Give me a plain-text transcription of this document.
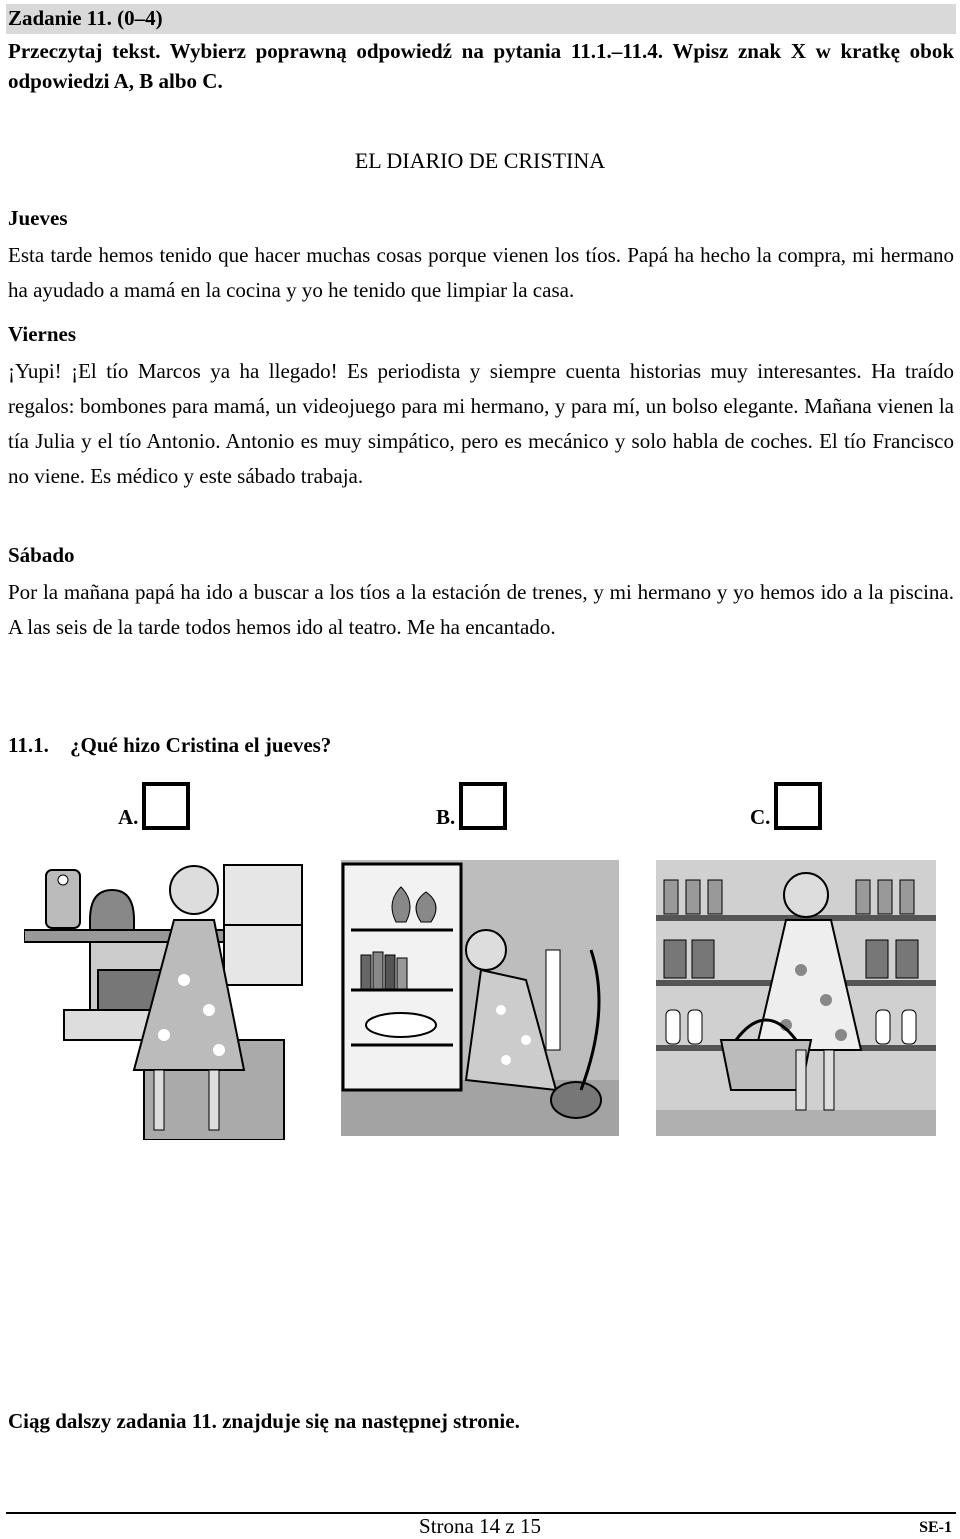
Zadanie 11. (0–4)
Przeczytaj tekst. Wybierz poprawną odpowiedź na pytania 11.1.–11.4. Wpisz znak X w kratkę obok odpowiedzi A, B albo C.
EL DIARIO DE CRISTINA
Jueves
Esta tarde hemos tenido que hacer muchas cosas porque vienen los tíos. Papá ha hecho la compra, mi hermano ha ayudado a mamá en la cocina y yo he tenido que limpiar la casa.
Viernes
¡Yupi! ¡El tío Marcos ya ha llegado! Es periodista y siempre cuenta historias muy interesantes. Ha traído regalos: bombones para mamá, un videojuego para mi hermano, y para mí, un bolso elegante. Mañana vienen la tía Julia y el tío Antonio. Antonio es muy simpático, pero es mecánico y solo habla de coches. El tío Francisco no viene. Es médico y este sábado trabaja.
Sábado
Por la mañana papá ha ido a buscar a los tíos a la estación de trenes, y mi hermano y yo hemos ido a la piscina. A las seis de la tarde todos hemos ido al teatro. Me ha encantado.
11.1. ¿Qué hizo Cristina el jueves?
A.	B.	C.
Ciąg dalszy zadania 11. znajduje się na następnej stronie.
Strona 14 z 15	SE-1
